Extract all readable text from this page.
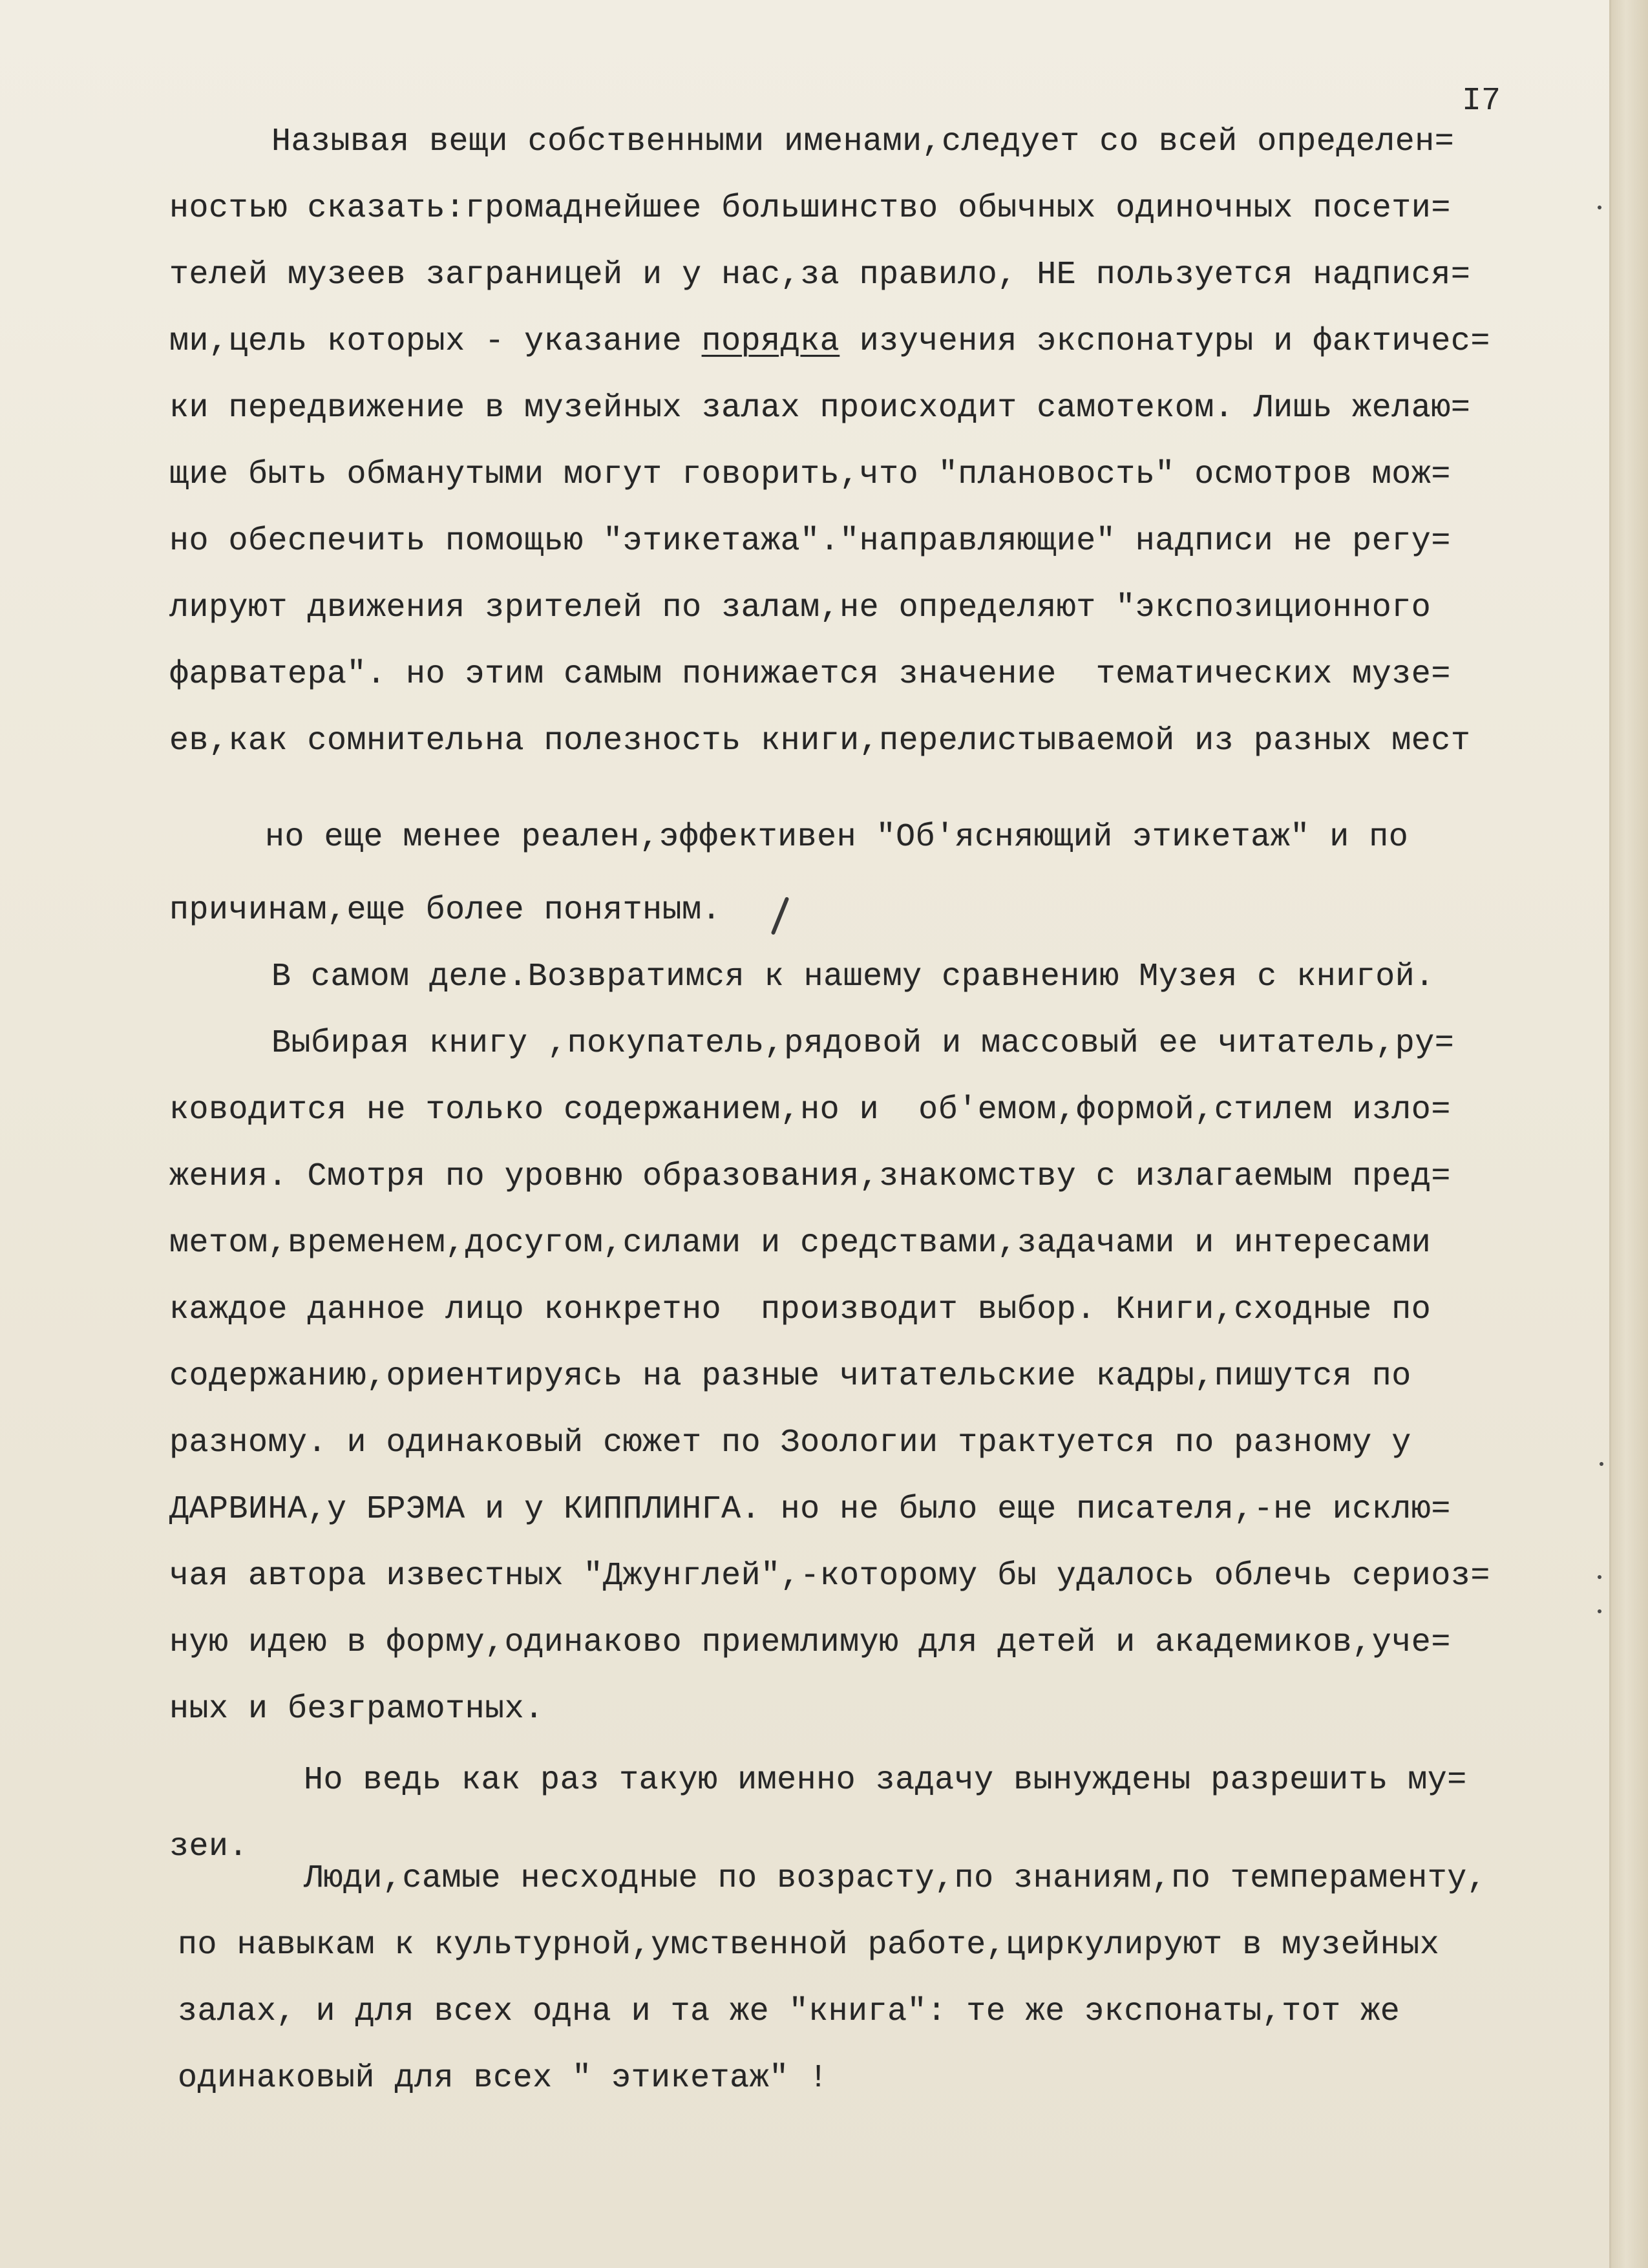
I7
Называя вещи собственными именами,следует со всей определен=
ностью сказать:громаднейшее большинство обычных одиночных посети=
телей музеев заграницей и у нас,за правило, НЕ пользуется надпися=
ми,цель которых - указание порядка изучения экспонатуры и фактичес=
ки передвижение в музейных залах происходит самотеком. Лишь желаю=
щие быть обманутыми могут говорить,что "плановость" осмотров мож=
но обеспечить помощью "этикетажа"."направляющие" надписи не регу=
лируют движения зрителей по залам,не определяют "экспозиционного
фарватера". но этим самым понижается значение  тематических музе=
ев,как сомнительна полезность книги,перелистываемой из разных мест
но еще менее реален,эффективен "Об'ясняющий этикетаж" и по
причинам,еще более понятным.
В самом деле.Возвратимся к нашему сравнению Музея с книгой.
Выбирая книгу ,покупатель,рядовой и массовый ее читатель,ру=
ководится не только содержанием,но и  об'емом,формой,стилем изло=
жения. Смотря по уровню образования,знакомству с излагаемым пред=
метом,временем,досугом,силами и средствами,задачами и интересами
каждое данное лицо конкретно  производит выбор. Книги,сходные по
содержанию,ориентируясь на разные читательские кадры,пишутся по
разному. и одинаковый сюжет по Зоологии трактуется по разному у
ДАРВИНА,у БРЭМА и у КИППЛИНГА. но не было еще писателя,-не исклю=
чая автора известных "Джунглей",-которому бы удалось облечь сериоз=
ную идею в форму,одинаково приемлимую для детей и академиков,уче=
ных и безграмотных.
Но ведь как раз такую именно задачу вынуждены разрешить му=
зеи.
Люди,самые несходные по возрасту,по знаниям,по темпераменту,
по навыкам к культурной,умственной работе,циркулируют в музейных
залах, и для всех одна и та же "книга": те же экспонаты,тот же
одинаковый для всех " этикетаж" !
